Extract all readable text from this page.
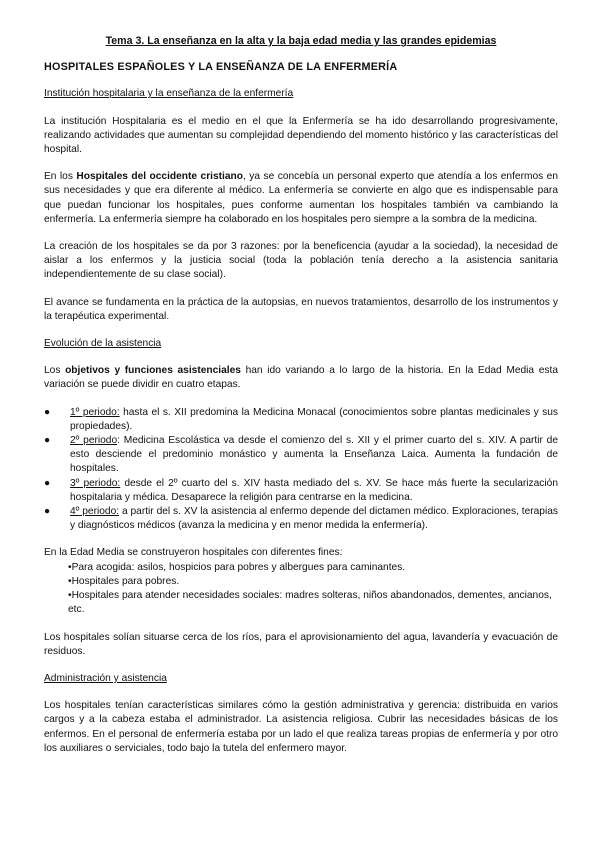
Tema 3. La enseñanza en la alta y la baja edad media y las grandes epidemias
HOSPITALES ESPAÑOLES Y LA ENSEÑANZA DE LA ENFERMERÍA
Institución hospitalaria y la enseñanza de la enfermería

La institución Hospitalaria es el medio en el que la Enfermería se ha ido desarrollando progresivamente, realizando actividades que aumentan su complejidad dependiendo del momento histórico y las características del hospital.

En los Hospitales del occidente cristiano, ya se concebía un personal experto que atendía a los enfermos en sus necesidades y que era diferente al médico. La enfermería se convierte en algo que es indispensable para que puedan funcionar los hospitales, pues conforme aumentan los hospitales también va cambiando la enfermería. La enfermería siempre ha colaborado en los hospitales pero siempre a la sombra de la medicina.

La creación de los hospitales se da por 3 razones: por la beneficencia (ayudar a la sociedad), la necesidad de aislar a los enfermos y la justicia social (toda la población tenía derecho a la asistencia sanitaria independientemente de su clase social).

El avance se fundamenta en la práctica de la autopsias, en nuevos tratamientos, desarrollo de los instrumentos y la terapéutica experimental.

Evolución de la asistencia

Los objetivos y funciones asistenciales han ido variando a lo largo de la historia. En la Edad Media esta variación se puede dividir en cuatro etapas.

●	1º periodo: hasta el s. XII predomina la Medicina Monacal (conocimientos sobre plantas medicinales y sus propiedades).
●	2º periodo: Medicina Escolástica va desde el comienzo del s. XII y el primer cuarto del s. XIV. A partir de esto desciende el predominio monástico y aumenta la Enseñanza Laica. Aumenta la fundación de hospitales.
●	3º periodo: desde el 2º cuarto del s. XIV hasta mediado del s. XV. Se hace más fuerte la secularización hospitalaria y médica. Desaparece la religión para centrarse en la medicina.
●	4º periodo: a partir del s. XV la asistencia al enfermo depende del dictamen médico. Exploraciones, terapias y diagnósticos médicos (avanza la medicina y en menor medida la enfermería).

En la Edad Media se construyeron hospitales con diferentes fines:

•Para acogida: asilos, hospicios para pobres y albergues para caminantes.
•Hospitales para pobres.
•Hospitales para atender necesidades sociales: madres solteras, niños abandonados, dementes, ancianos, etc.

Los hospitales solían situarse cerca de los ríos, para el aprovisionamiento del agua, lavandería y evacuación de residuos.

Administración y asistencia

Los hospitales tenían características similares cómo la gestión administrativa y gerencia: distribuida en varios cargos y a la cabeza estaba el administrador. La asistencia religiosa. Cubrir las necesidades básicas de los enfermos. En el personal de enfermería estaba por un lado el que realiza tareas propias de enfermería y por otro los auxiliares o serviciales, todo bajo la tutela del enfermero mayor.
